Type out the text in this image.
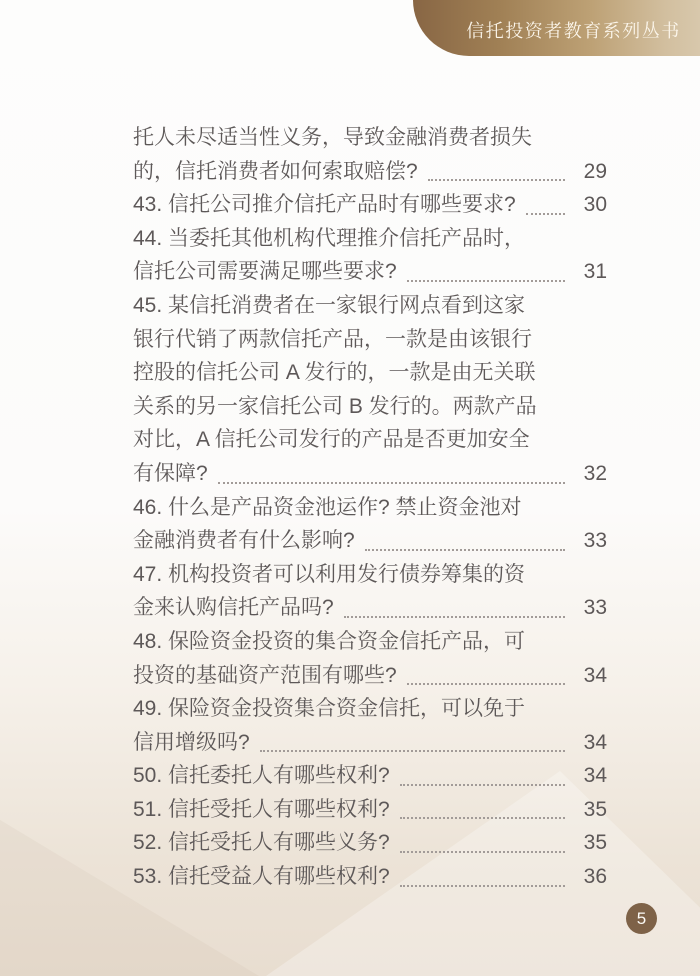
信托投资者教育系列丛书
托人未尽适当性义务，导致金融消费者损失
的，信托消费者如何索取赔偿?	29
43. 信托公司推介信托产品时有哪些要求?	30
44. 当委托其他机构代理推介信托产品时，
信托公司需要满足哪些要求?	31
45. 某信托消费者在一家银行网点看到这家
银行代销了两款信托产品，一款是由该银行
控股的信托公司 A 发行的，一款是由无关联
关系的另一家信托公司 B 发行的。两款产品
对比，A 信托公司发行的产品是否更加安全
有保障?	32
46. 什么是产品资金池运作? 禁止资金池对
金融消费者有什么影响?	33
47. 机构投资者可以利用发行债券筹集的资
金来认购信托产品吗?	33
48. 保险资金投资的集合资金信托产品，可
投资的基础资产范围有哪些?	34
49. 保险资金投资集合资金信托，可以免于
信用增级吗?	34
50. 信托委托人有哪些权利?	34
51. 信托受托人有哪些权利?	35
52. 信托受托人有哪些义务?	35
53. 信托受益人有哪些权利?	36
5
